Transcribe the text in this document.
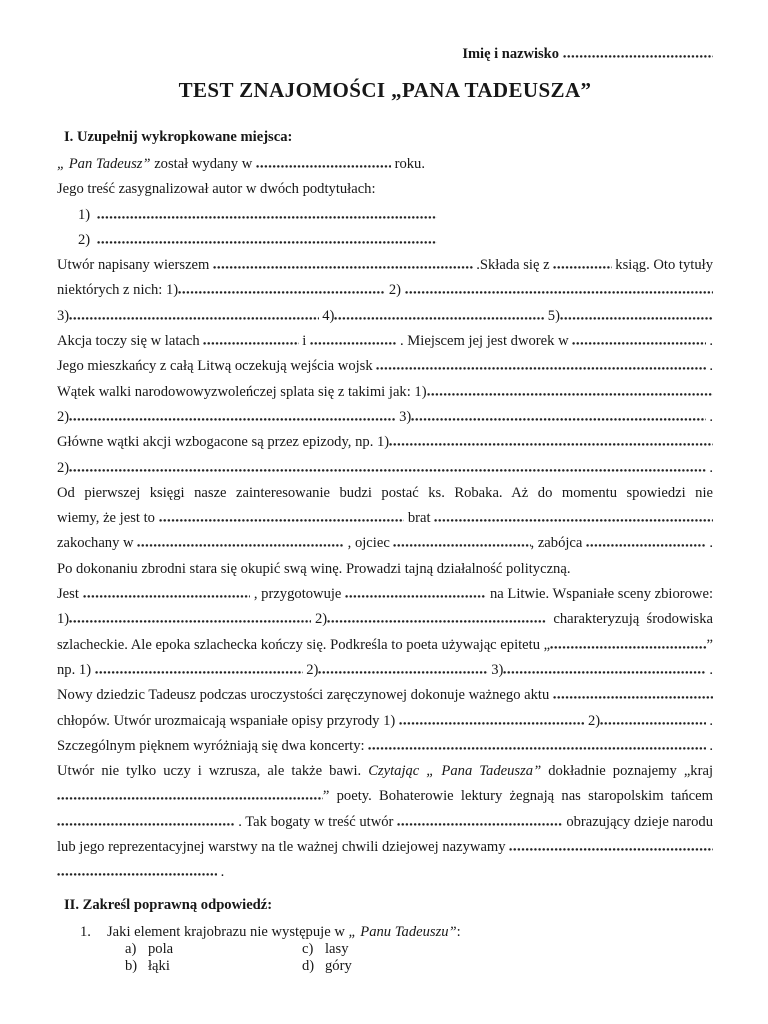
Imię i nazwisko
TEST ZNAJOMOŚCI „PANA TADEUSZA”
I. Uzupełnij wykropkowane miejsca:
„ Pan Tadeusz” został wydany w	roku.
Jego treść zasygnalizował autor w dwóch podtytułach:
1)
2)
Utwór napisany wierszem	.Składa się z	ksiąg. Oto tytuły
niektórych z nich: 1)	2)
3)	4)	5)
Akcja toczy się w latach	i	. Miejscem jej jest dworek w	.
Jego mieszkańcy z całą Litwą oczekują wejścia wojsk	.
Wątek walki narodowowyzwoleńczej splata się z takimi jak: 1)
2)	3)	.
Główne wątki akcji wzbogacone są przez epizody, np. 1)
2)	.
Od pierwszej księgi nasze zainteresowanie budzi postać ks. Robaka. Aż do momentu spowiedzi nie
wiemy, że jest to	brat
zakochany w	, ojciec	, zabójca	.
Po dokonaniu zbrodni stara się okupić swą winę. Prowadzi tajną działalność polityczną.
Jest	, przygotowuje	na Litwie. Wspaniałe sceny zbiorowe:
1)	2)	charakteryzują  środowiska
szlacheckie. Ale epoka szlachecka kończy się. Podkreśla to poeta używając epitetu „	”
np. 1)	2)	3)	.
Nowy dziedzic Tadeusz podczas uroczystości zaręczynowej dokonuje ważnego aktu
chłopów. Utwór urozmaicają wspaniałe opisy przyrody 1)	2)	.
Szczególnym pięknem wyróżniają się dwa koncerty:	.
Utwór nie tylko uczy i wzrusza, ale także bawi. Czytając „ Pana Tadeusza” dokładnie poznajemy „kraj
”  poety.  Bohaterowie  lektury  żegnają  nas  staropolskim  tańcem
. Tak bogaty w treść utwór	obrazujący dzieje narodu
lub jego reprezentacyjnej warstwy na tle ważnej chwili dziejowej nazywamy
.
II. Zakreśl poprawną odpowiedź:
1.	Jaki element krajobrazu nie występuje w „ Panu Tadeuszu”:
a) pola	c) lasy
b) łąki	d) góry
